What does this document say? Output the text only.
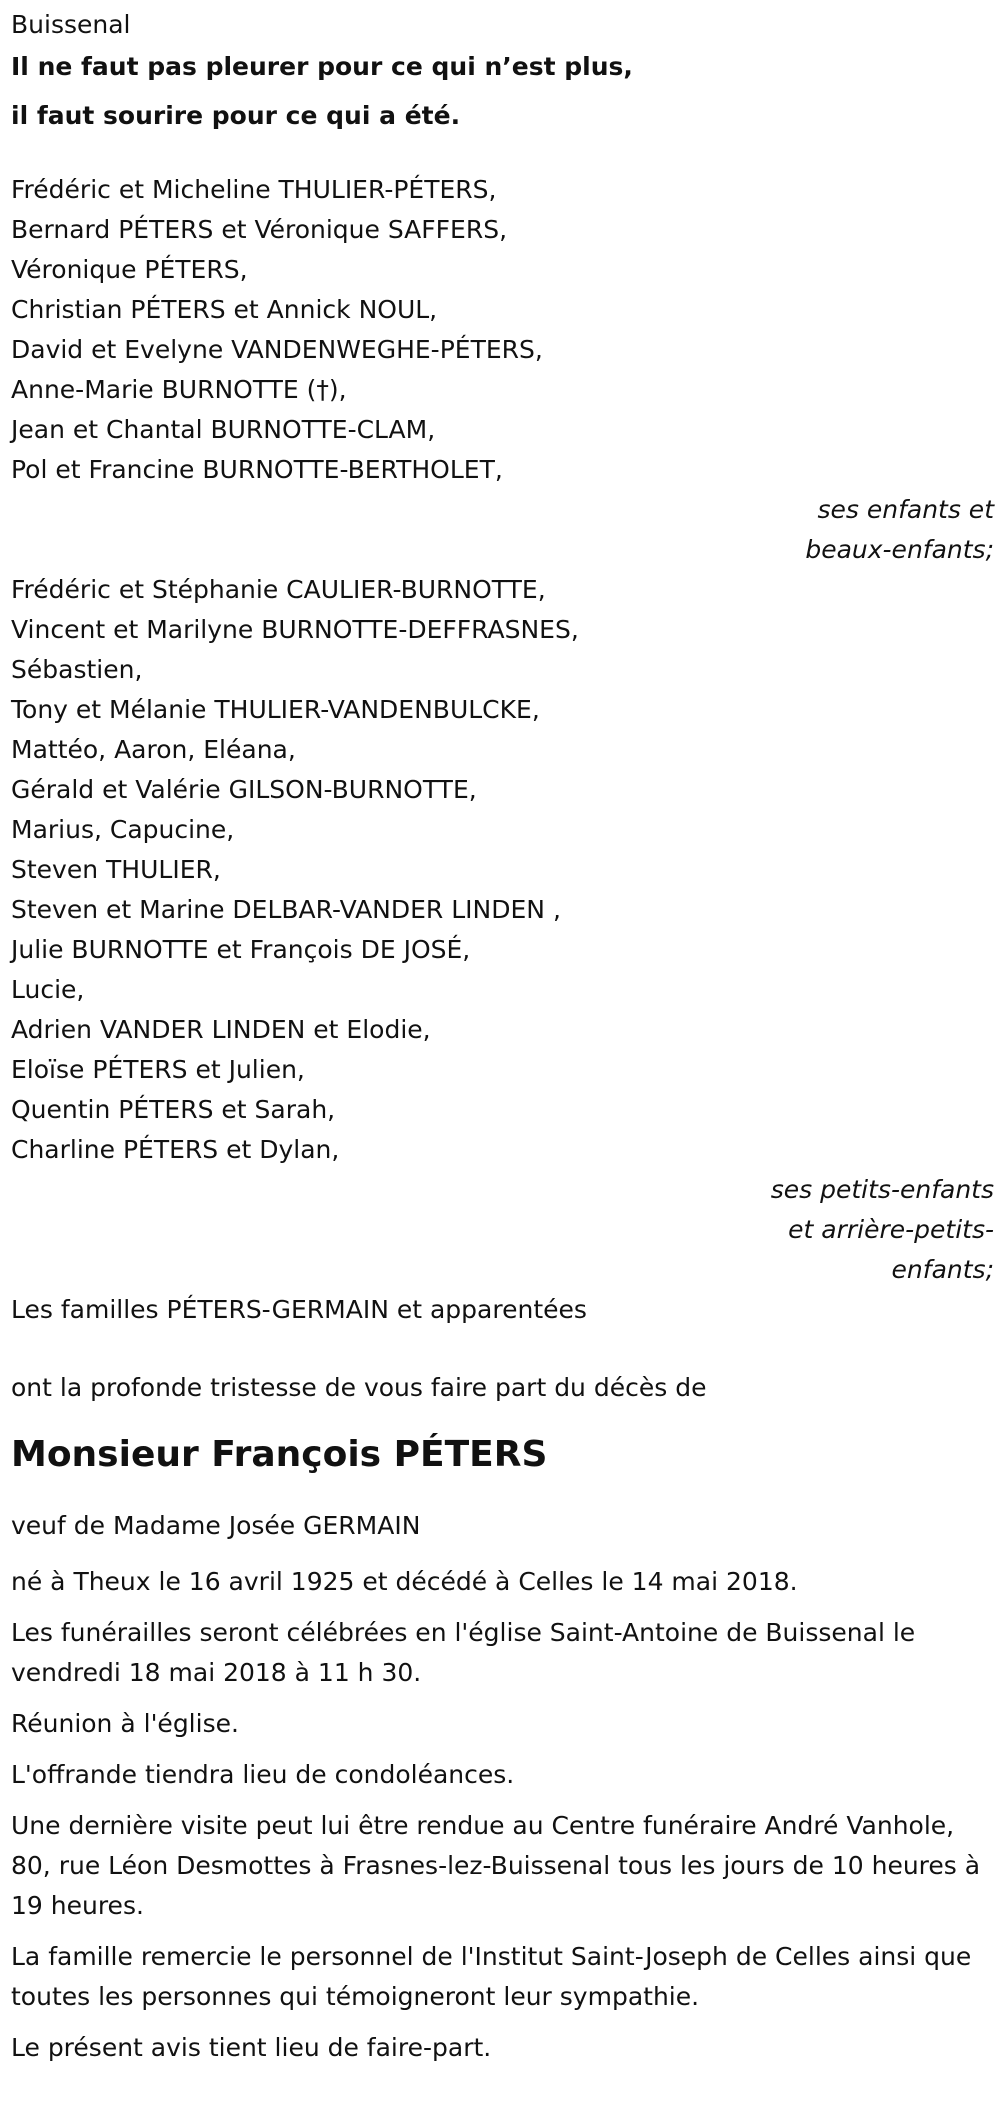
Buissenal
Il ne faut pas pleurer pour ce qui n’est plus,
il faut sourire pour ce qui a été.
Frédéric et Micheline THULIER-PÉTERS,
Bernard PÉTERS et Véronique SAFFERS,
Véronique PÉTERS,
Christian PÉTERS et Annick NOUL,
David et Evelyne VANDENWEGHE-PÉTERS,
Anne-Marie BURNOTTE (†),
Jean et Chantal BURNOTTE-CLAM,
Pol et Francine BURNOTTE-BERTHOLET,
ses enfants et
beaux-enfants;
Frédéric et Stéphanie CAULIER-BURNOTTE,
Vincent et Marilyne BURNOTTE-DEFFRASNES,
Sébastien,
Tony et Mélanie THULIER-VANDENBULCKE,
Mattéo, Aaron, Eléana,
Gérald et Valérie GILSON-BURNOTTE,
Marius, Capucine,
Steven THULIER,
Steven et Marine DELBAR-VANDER LINDEN ,
Julie BURNOTTE et François DE JOSÉ,
Lucie,
Adrien VANDER LINDEN et Elodie,
Eloïse PÉTERS et Julien,
Quentin PÉTERS et Sarah,
Charline PÉTERS et Dylan,
ses petits-enfants
et arrière-petits-
enfants;
Les familles PÉTERS-GERMAIN et apparentées
ont la profonde tristesse de vous faire part du décès de
Monsieur François PÉTERS
veuf de Madame Josée GERMAIN
né à Theux le 16 avril 1925 et décédé à Celles le 14 mai 2018.
Les funérailles seront célébrées en l'église Saint-Antoine de Buissenal le vendredi 18 mai 2018 à 11 h 30.
Réunion à l'église.
L'offrande tiendra lieu de condoléances.
Une dernière visite peut lui être rendue au Centre funéraire André Vanhole, 80, rue Léon Desmottes à Frasnes-lez-Buissenal tous les jours de 10 heures à 19 heures.
La famille remercie le personnel de l'Institut Saint-Joseph de Celles ainsi que toutes les personnes qui témoigneront leur sympathie.
Le présent avis tient lieu de faire-part.
